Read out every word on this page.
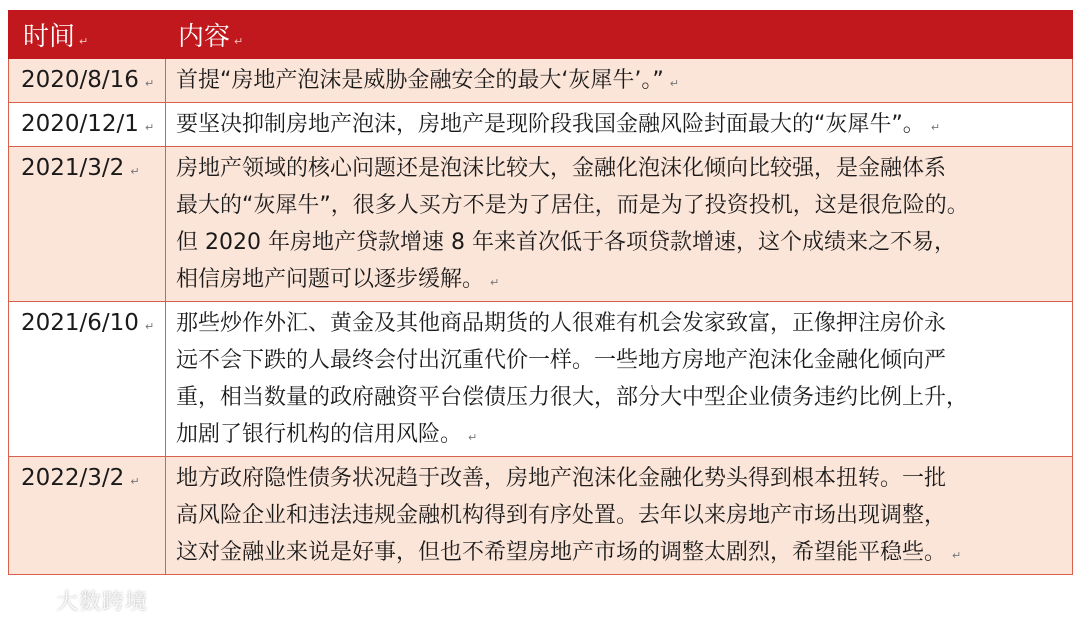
时间 ↵	内容 ↵
2020/8/16 ↵	首提“房地产泡沫是威胁金融安全的最大‘灰犀牛’。” ↵

2020/12/1 ↵	要坚决抑制房地产泡沫，房地产是现阶段我国金融风险封面最大的“灰犀牛”。 ↵

2021/3/2 ↵	房地产领域的核心问题还是泡沫比较大，金融化泡沫化倾向比较强，是金融体系

最大的“灰犀牛”，很多人买方不是为了居住，而是为了投资投机，这是很危险的。

但 2020 年房地产贷款增速 8 年来首次低于各项贷款增速，这个成绩来之不易，

相信房地产问题可以逐步缓解。 ↵

2021/6/10 ↵	那些炒作外汇、黄金及其他商品期货的人很难有机会发家致富，正像押注房价永

远不会下跌的人最终会付出沉重代价一样。一些地方房地产泡沫化金融化倾向严

重，相当数量的政府融资平台偿债压力很大，部分大中型企业债务违约比例上升，

加剧了银行机构的信用风险。 ↵

2022/3/2 ↵	地方政府隐性债务状况趋于改善，房地产泡沫化金融化势头得到根本扭转。一批

高风险企业和违法违规金融机构得到有序处置。去年以来房地产市场出现调整，

这对金融业来说是好事，但也不希望房地产市场的调整太剧烈，希望能平稳些。 ↵

大数跨境
